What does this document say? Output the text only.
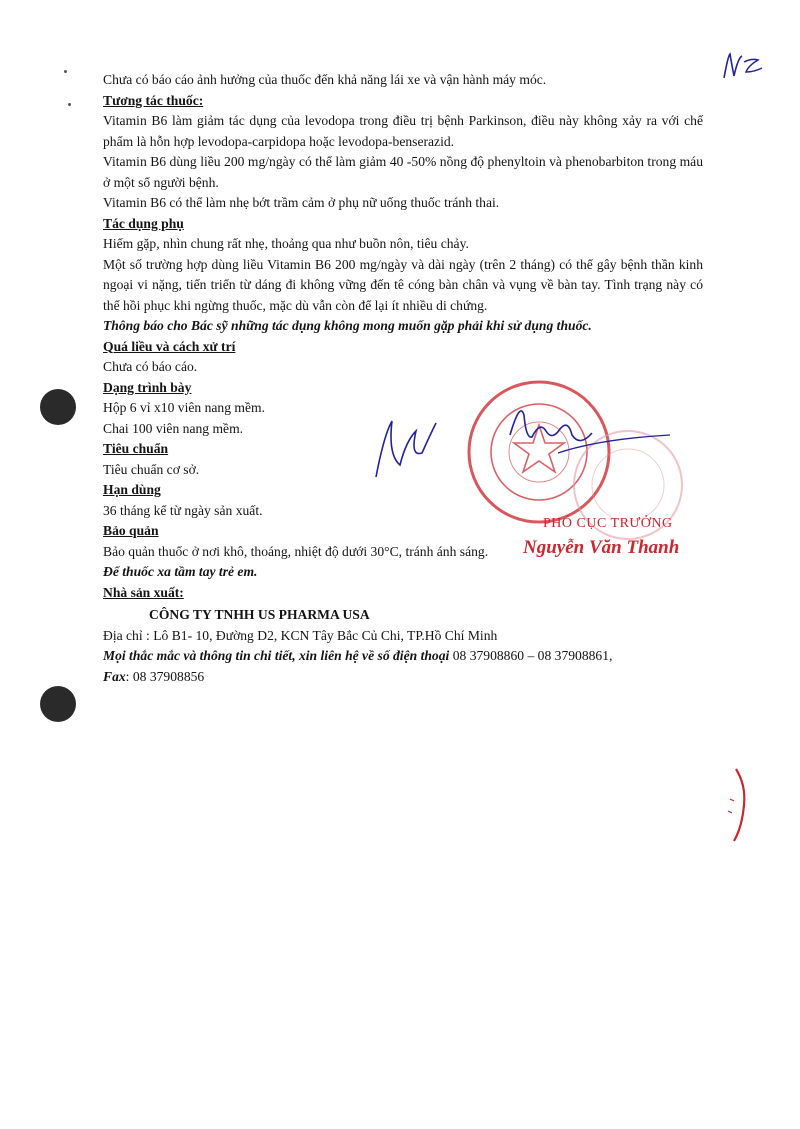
Chưa có báo cáo ảnh hưởng của thuốc đến khả năng lái xe và vận hành máy móc.

Tương tác thuốc:

Vitamin B6 làm giảm tác dụng của levodopa trong điều trị bệnh Parkinson, điều này không xảy ra với chế phẩm là hỗn hợp levodopa-carpidopa hoặc levodopa-benserazid.

Vitamin B6 dùng liều 200 mg/ngày có thể làm giảm 40 -50% nồng độ phenyltoin và phenobarbiton trong máu ở một số người bệnh.

Vitamin B6 có thể làm nhẹ bớt trầm cảm ở phụ nữ uống thuốc tránh thai.

Tác dụng phụ

Hiếm gặp, nhìn chung rất nhẹ, thoảng qua như buồn nôn, tiêu chảy.

Một số trường hợp dùng liều Vitamin B6 200 mg/ngày và dài ngày (trên 2 tháng) có thể gây bệnh thần kinh ngoại vi nặng, tiến triển từ dáng đi không vững đến tê cóng bàn chân và vụng về bàn tay. Tình trạng này có thể hồi phục khi ngừng thuốc, mặc dù vẫn còn để lại ít nhiều di chứng.

Thông báo cho Bác sỹ những tác dụng không mong muốn gặp phải khi sử dụng thuốc.

Quá liều và cách xử trí

Chưa có báo cáo.

Dạng trình bày

Hộp 6 vỉ x10 viên nang mềm.

Chai 100 viên nang mềm.

Tiêu chuẩn

Tiêu chuẩn cơ sở.

Hạn dùng

36 tháng kể từ ngày sản xuất.

Bảo quản

Bảo quản thuốc ở nơi khô, thoáng, nhiệt độ dưới 30°C, tránh ánh sáng.

Để thuốc xa tầm tay trẻ em.

Nhà sản xuất:

CÔNG TY TNHH US PHARMA USA

Địa chỉ : Lô B1- 10, Đường D2, KCN Tây Bắc Củ Chi, TP.Hồ Chí Minh

Mọi thắc mắc và thông tin chi tiết, xin liên hệ về số điện thoại 08 37908860 – 08 37908861,

Fax: 08 37908856

PHÓ CỤC TRƯỞNG
Nguyễn Văn Thanh
